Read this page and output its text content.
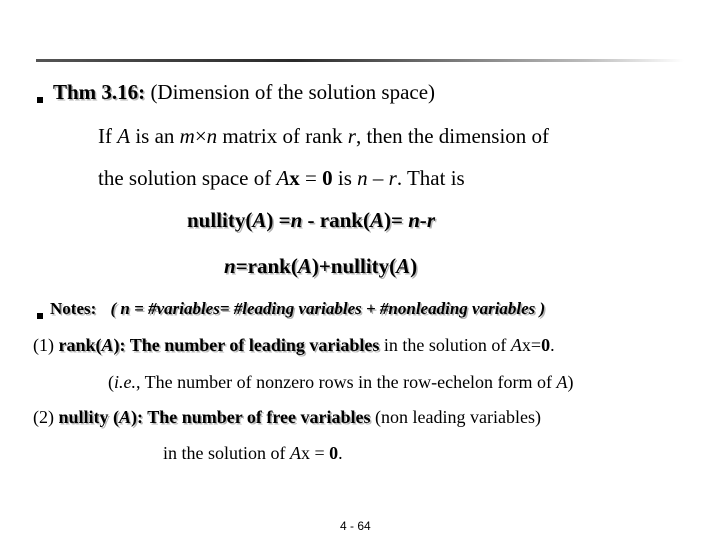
Thm 3.16: (Dimension of the solution space)
If A is an m×n matrix of rank r, then the dimension of
the solution space of Ax = 0 is n – r. That is
nullity(A) =n - rank(A)= n-r
n=rank(A)+nullity(A)
Notes: ( n = #variables= #leading variables + #nonleading variables )
(1) rank(A): The number of leading variables in the solution of Ax=0.
(i.e., The number of nonzero rows in the row-echelon form of A)
(2) nullity (A): The number of free variables (non leading variables)
in the solution of Ax = 0.
4 - 64
